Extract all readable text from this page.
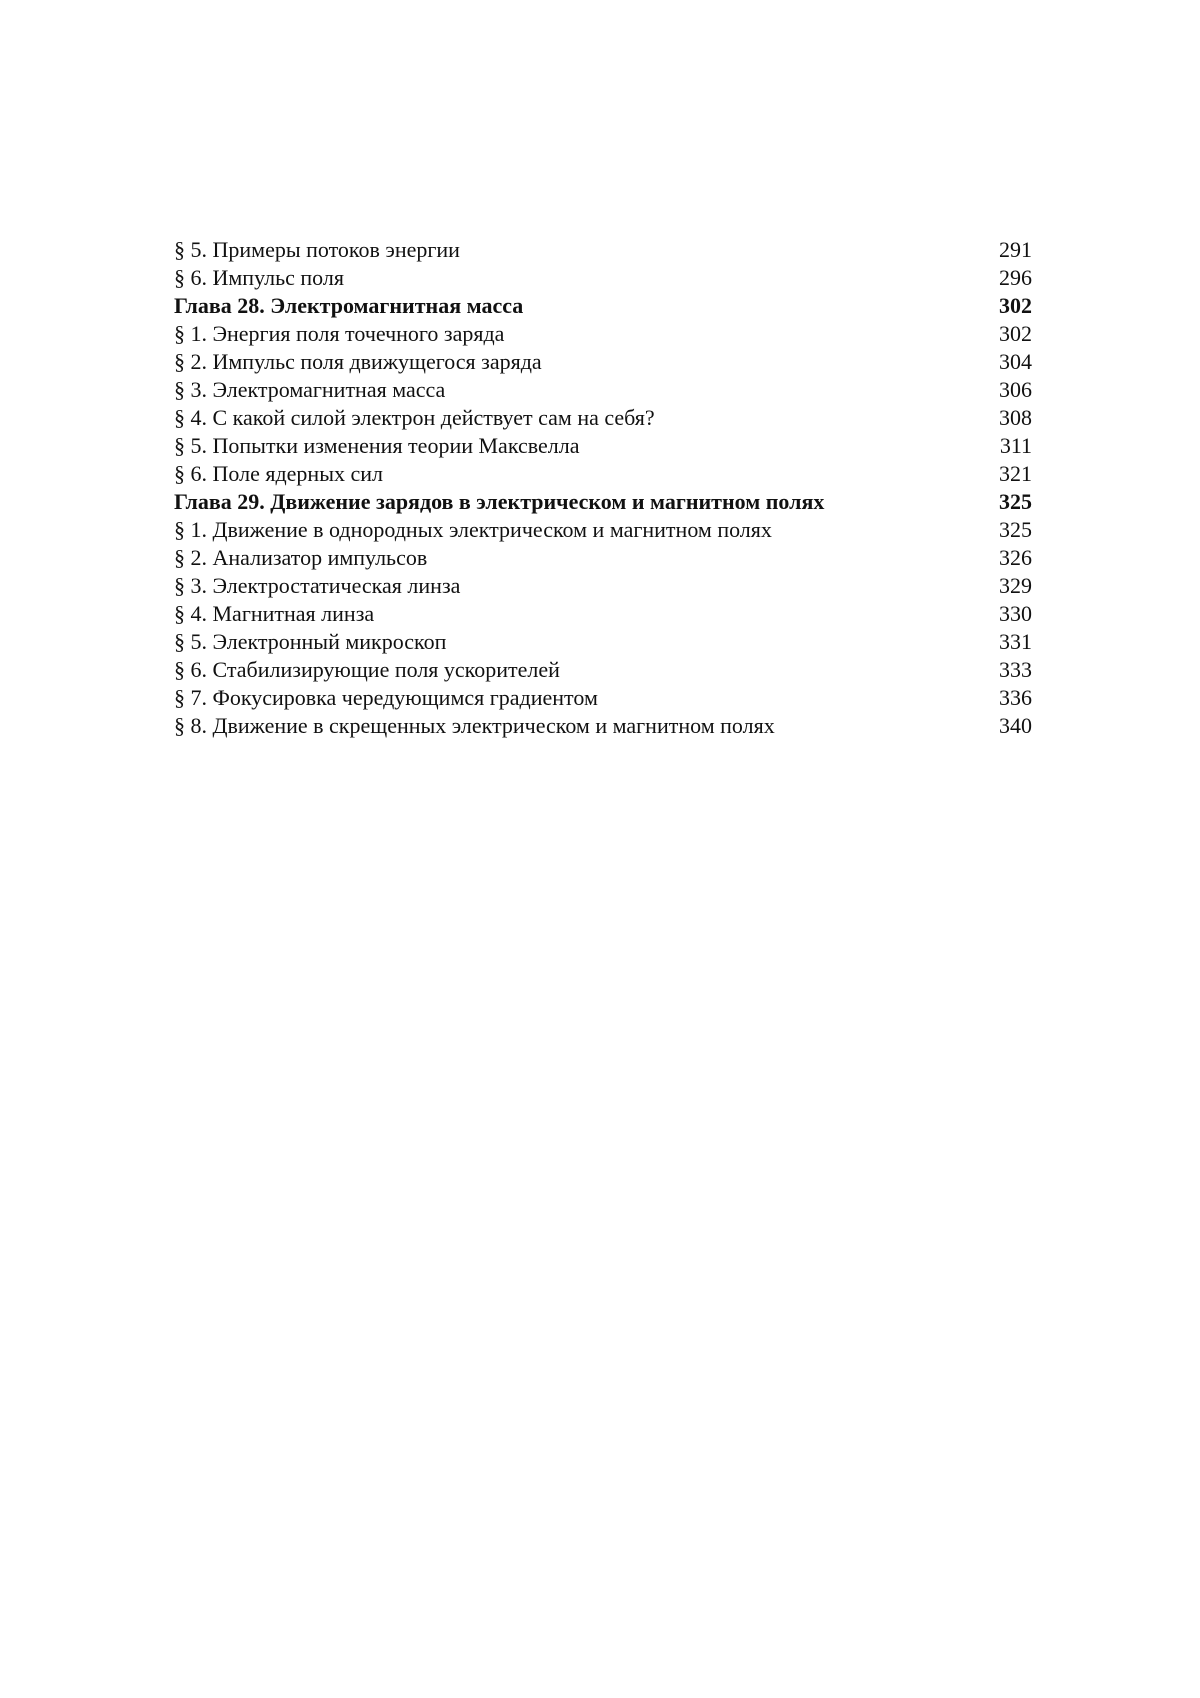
§ 5. Примеры потоков энергии	291
§ 6. Импульс поля	296
Глава 28. Электромагнитная масса	302
§ 1. Энергия поля точечного заряда	302
§ 2. Импульс поля движущегося заряда	304
§ 3. Электромагнитная масса	306
§ 4. С какой силой электрон действует сам на себя?	308
§ 5. Попытки изменения теории Максвелла	311
§ 6. Поле ядерных сил	321
Глава 29. Движение зарядов в электрическом и магнитном полях	325
§ 1. Движение в однородных электрическом и магнитном полях	325
§ 2. Анализатор импульсов	326
§ 3. Электростатическая линза	329
§ 4. Магнитная линза	330
§ 5. Электронный микроскоп	331
§ 6. Стабилизирующие поля ускорителей	333
§ 7. Фокусировка чередующимся градиентом	336
§ 8. Движение в скрещенных электрическом и магнитном полях	340
